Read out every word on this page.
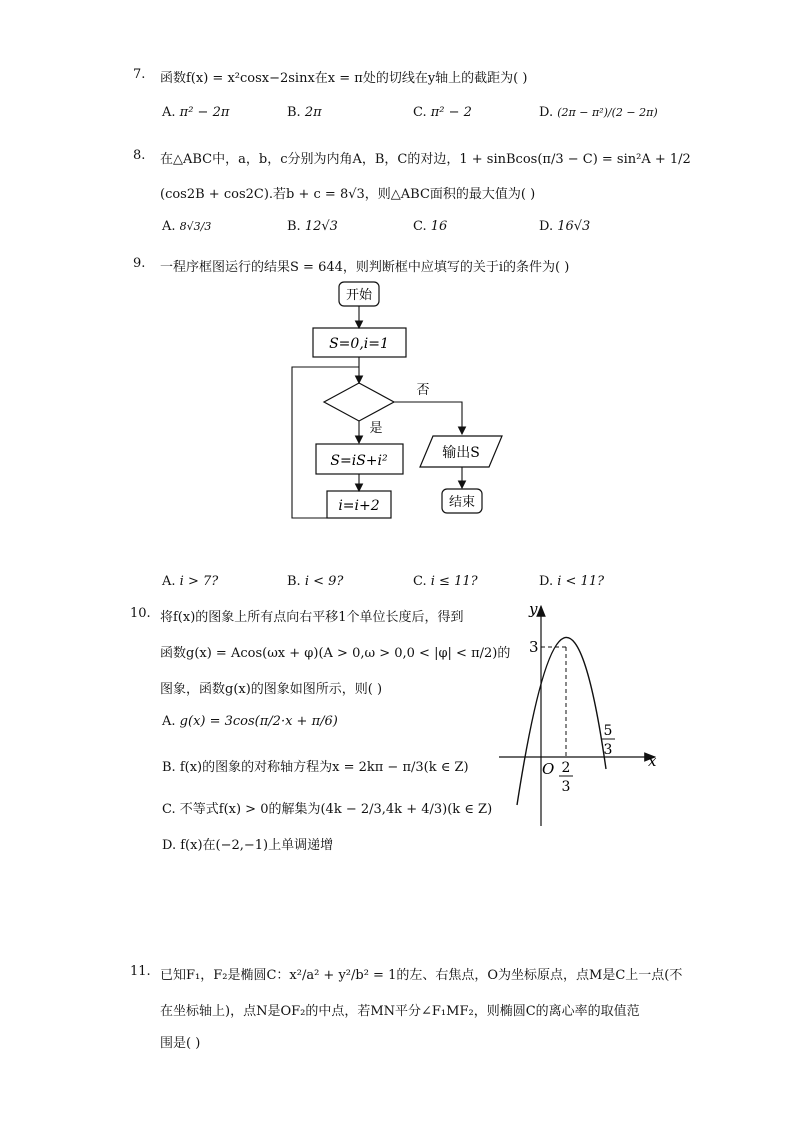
7. 函数f(x) = x²cosx−2sinx在x = π处的切线在y轴上的截距为( )
A. π² − 2π	B. 2π	C. π² − 2	D. (2π − π²)/(2 − 2π)
8. 在△ABC中，a，b，c分别为内角A，B，C的对边，1 + sinBcos(π/3 − C) = sin²A + 1/2
(cos2B + cos2C).若b + c = 8√3，则△ABC面积的最大值为( )
A. 8√3/3	B. 12√3	C. 16	D. 16√3
9. 一程序框图运行的结果S = 644，则判断框中应填写的关于i的条件为( )
开始
S=0,i=1
否
是
S=iS+i²
i=i+2
输出S
结束
A. i > 7?	B. i < 9?	C. i ≤ 11?	D. i < 11?
10. 将f(x)的图象上所有点向右平移1个单位长度后，得到
函数g(x) = Acos(ωx + φ)(A > 0,ω > 0,0 < |φ| < π/2)的
图象，函数g(x)的图象如图所示，则( )
A. g(x) = 3cos(π/2·x + π/6)
B. f(x)的图象的对称轴方程为x = 2kπ − π/3(k ∈ Z)
C. 不等式f(x) > 0的解集为(4k − 2/3,4k + 4/3)(k ∈ Z)
D. f(x)在(−2,−1)上单调递增
y
x
O
3
2
3
5
3
11. 已知F₁，F₂是椭圆C：x²/a² + y²/b² = 1的左、右焦点，O为坐标原点，点M是C上一点(不
在坐标轴上)，点N是OF₂的中点，若MN平分∠F₁MF₂，则椭圆C的离心率的取值范
围是( )
